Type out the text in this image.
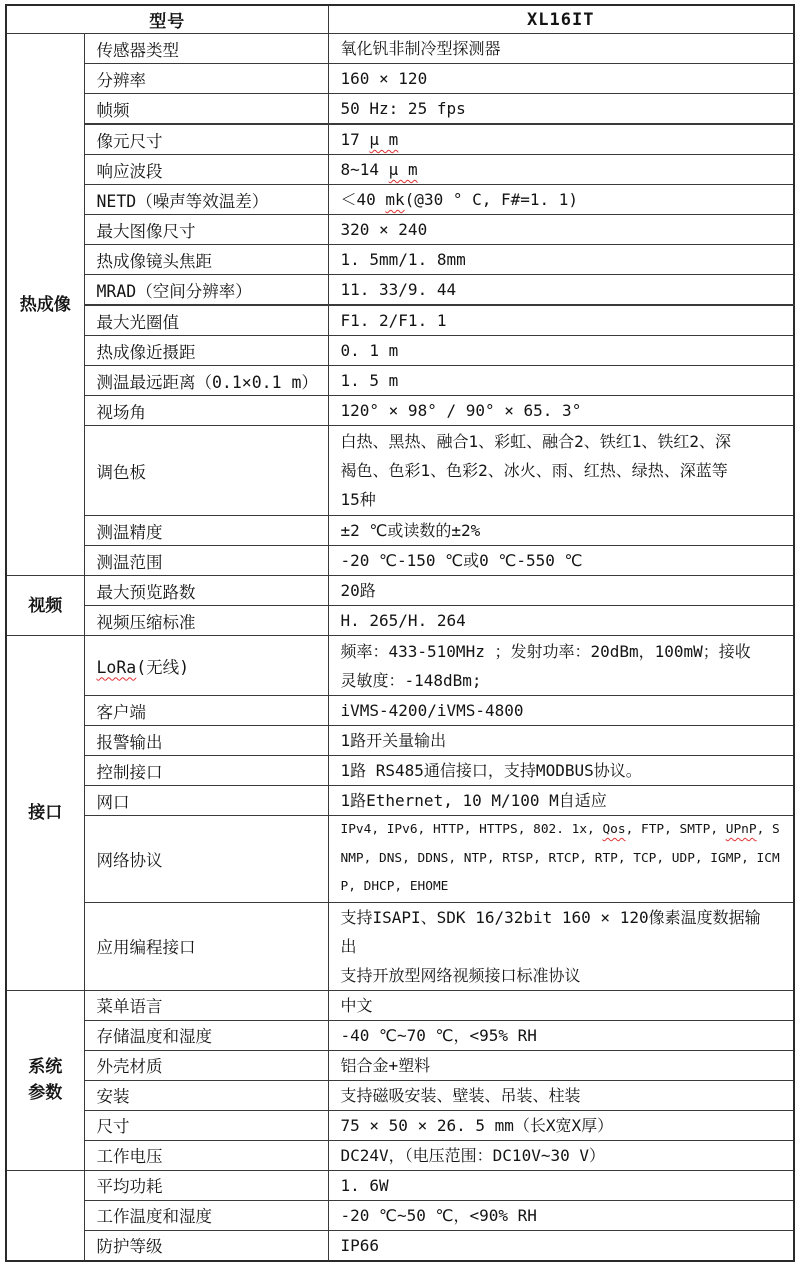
型号		XL16IT
热成像	传感器类型	氧化钒非制冷型探测器
	分辨率	160 × 120
	帧频	50 Hz: 25 fps
	像元尺寸	17 μ m
	响应波段	8~14 μ m
	NETD（噪声等效温差）	＜40 mk(@30 ° C, F#=1. 1)
	最大图像尺寸	320 × 240
	热成像镜头焦距	1. 5mm/1. 8mm
	MRAD（空间分辨率）	11. 33/9. 44
	最大光圈值	F1. 2/F1. 1
	热成像近摄距	0. 1 m
	测温最远距离（0.1×0.1 m）	1. 5 m
	视场角	120° × 98° / 90° × 65. 3°
	调色板	白热、黑热、融合1、彩虹、融合2、铁红1、铁红2、深
褐色、色彩1、色彩2、冰火、雨、红热、绿热、深蓝等
15种
	测温精度	±2 ℃或读数的±2%
	测温范围	-20 ℃-150 ℃或0 ℃-550 ℃
视频	最大预览路数	20路
	视频压缩标准	H. 265/H. 264
接口	LoRa(无线)	频率：433-510MHz ；发射功率：20dBm，100mW；接收
灵敏度：-148dBm;
	客户端	iVMS-4200/iVMS-4800
	报警输出	1路开关量输出
	控制接口	1路 RS485通信接口，支持MODBUS协议。
	网口	1路Ethernet, 10 M/100 M自适应
	网络协议	IPv4, IPv6, HTTP, HTTPS, 802. 1x, Qos, FTP, SMTP, UPnP, S
NMP, DNS, DDNS, NTP, RTSP, RTCP, RTP, TCP, UDP, IGMP, ICM
P, DHCP, EHOME
	应用编程接口	支持ISAPI、SDK 16/32bit 160 × 120像素温度数据输
出
支持开放型网络视频接口标准协议
系统
参数	菜单语言	中文
	存储温度和湿度	-40 ℃~70 ℃，<95% RH
	外壳材质	铝合金+塑料
	安装	支持磁吸安装、壁装、吊装、柱装
	尺寸	75 × 50 × 26. 5 mm（长X宽X厚）
	工作电压	DC24V，（电压范围：DC10V~30 V）
	平均功耗	1. 6W
	工作温度和湿度	-20 ℃~50 ℃，<90% RH
	防护等级	IP66
